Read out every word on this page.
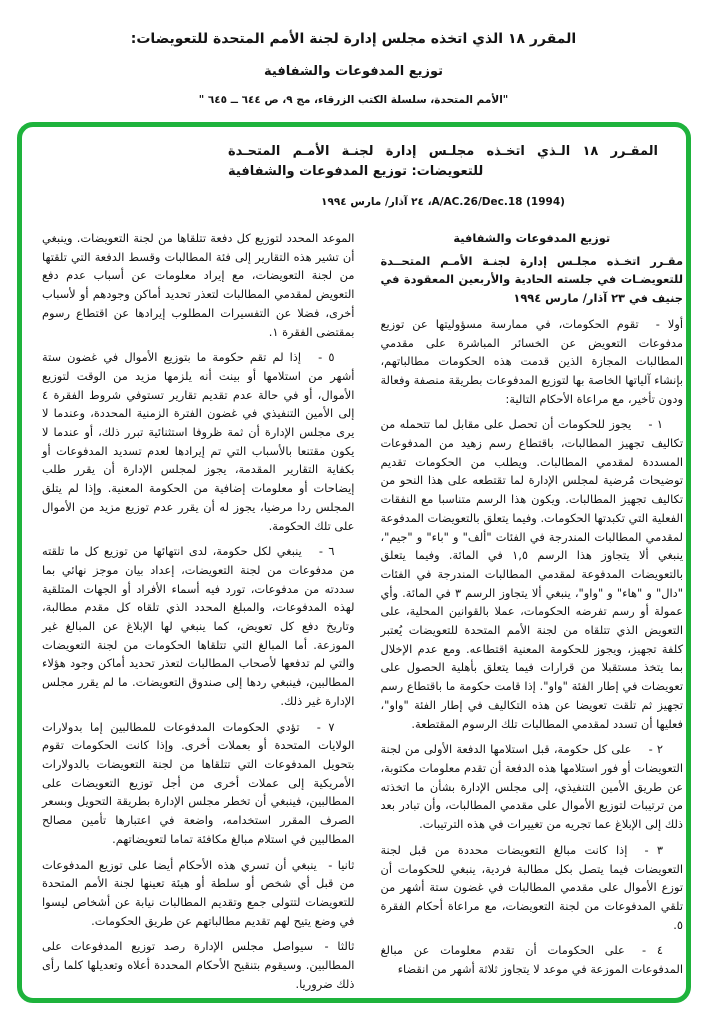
المقرر ١٨ الذي اتخذه مجلس إدارة لجنة الأمم المتحدة للتعويضات:
توزيع المدفوعات والشفافية
"الأمم المتحدة، سلسلة الكتب الزرقاء، مج ٩، ص ٦٤٤ ــ ٦٤٥ "
المقـرر ١٨ الـذي اتخـذه مجلـس إدارة لجنـة الأمـم المتحـدة
للتعويضات: توزيع المدفوعات والشفافية
A/AC.26/Dec.18 (1994)، ٢٤ آذار/ مارس ١٩٩٤

توزيع المدفوعات والشفافية

مقـرر اتخـذه مجلـس إدارة لجنـة الأمـم المتحــدة للتعويضـات في جلسته الحادية والأربعين المعقودة في جنيف في ٢٣ آذار/ مارس ١٩٩٤

أولا -تقوم الحكومات، في ممارسة مسؤوليتها عن توزيع مدفوعات التعويض عن الخسائر المباشرة على مقدمي المطالبات المجازة الذين قدمت هذه الحكومات مطالباتهم، بإنشاء آلياتها الخاصة بها لتوزيع المدفوعات بطريقة منصفة وفعالة ودون تأخير، مع مراعاة الأحكام التالية:

١ -يجوز للحكومات أن تحصل على مقابل لما تتحمله من تكاليف تجهيز المطالبات، باقتطاع رسم زهيد من المدفوعات المسددة لمقدمي المطالبات. ويطلب من الحكومات تقديم توضيحات مُرضية لمجلس الإدارة لما تقتطعه على هذا النحو من تكاليف تجهيز المطالبات. ويكون هذا الرسم متناسبا مع النفقات الفعلية التي تكبدتها الحكومات. وفيما يتعلق بالتعويضات المدفوعة لمقدمي المطالبات المندرجة في الفئات "ألف" و "باء" و "جيم"، ينبغي ألا يتجاوز هذا الرسم ١,٥ في المائة. وفيما يتعلق بالتعويضات المدفوعة لمقدمي المطالبات المندرجة في الفئات "دال" و "هاء" و "واو"، ينبغي ألا يتجاوز الرسم ٣ في المائة. وأي عمولة أو رسم تفرضه الحكومات، عملا بالقوانين المحلية، على التعويض الذي تتلقاه من لجنة الأمم المتحدة للتعويضات يُعتبر كلفة تجهيز، ويجوز للحكومة المعنية اقتطاعه. ومع عدم الإخلال بما يتخذ مستقبلا من قرارات فيما يتعلق بأهلية الحصول على تعويضات في إطار الفئة "واو". إذا قامت حكومة ما باقتطاع رسم تجهيز ثم تلقت تعويضا عن هذه التكاليف في إطار الفئة "واو"، فعليها أن تسدد لمقدمي المطالبات تلك الرسوم المقتطعة.

٢ -على كل حكومة، قبل استلامها الدفعة الأولى من لجنة التعويضات أو فور استلامها هذه الدفعة أن تقدم معلومات مكتوبة، عن طريق الأمين التنفيذي، إلى مجلس الإدارة بشأن ما اتخذته من ترتيبات لتوزيع الأموال على مقدمي المطالبات، وأن تبادر بعد ذلك إلى الإبلاغ عما تجريه من تغييرات في هذه الترتيبات.

٣ -إذا كانت مبالغ التعويضات محددة من قبل لجنة التعويضات فيما يتصل بكل مطالبة فردية، ينبغي للحكومات أن توزع الأموال على مقدمي المطالبات في غضون ستة أشهر من تلقي المدفوعات من لجنة التعويضات، مع مراعاة أحكام الفقرة ٥.

٤ -على الحكومات أن تقدم معلومات عن مبالغ المدفوعات الموزعة في موعد لا يتجاوز ثلاثة أشهر من انقضاء

الموعد المحدد لتوزيع كل دفعة تتلقاها من لجنة التعويضات. وينبغي أن تشير هذه التقارير إلى فئة المطالبات وقسط الدفعة التي تلقتها من لجنة التعويضات، مع إيراد معلومات عن أسباب عدم دفع التعويض لمقدمي المطالبات لتعذر تحديد أماكن وجودهم أو لأسباب أخرى، فضلا عن التفسيرات المطلوب إيرادها عن اقتطاع رسوم بمقتضى الفقرة ١.

٥ -إذا لم تقم حكومة ما بتوزيع الأموال في غضون ستة أشهر من استلامها أو بينت أنه يلزمها مزيد من الوقت لتوزيع الأموال، أو في حالة عدم تقديم تقارير تستوفي شروط الفقرة ٤ إلى الأمين التنفيذي في غضون الفترة الزمنية المحددة، وعندما لا يرى مجلس الإدارة أن ثمة ظروفا استثنائية تبرر ذلك، أو عندما لا يكون مقتنعا بالأسباب التي تم إيرادها لعدم تسديد المدفوعات أو بكفاية التقارير المقدمة، يجوز لمجلس الإدارة أن يقرر طلب إيضاحات أو معلومات إضافية من الحكومة المعنية. وإذا لم يتلق المجلس ردا مرضيا، يجوز له أن يقرر عدم توزيع مزيد من الأموال على تلك الحكومة.

٦ -ينبغي لكل حكومة، لدى انتهائها من توزيع كل ما تلقته من مدفوعات من لجنة التعويضات، إعداد بيان موجز نهائي بما سددته من مدفوعات، تورد فيه أسماء الأفراد أو الجهات المتلقية لهذه المدفوعات، والمبلغ المحدد الذي تلقاه كل مقدم مطالبة، وتاريخ دفع كل تعويض، كما ينبغي لها الإبلاغ عن المبالغ غير الموزعة. أما المبالغ التي تتلقاها الحكومات من لجنة التعويضات والتي لم تدفعها لأصحاب المطالبات لتعذر تحديد أماكن وجود هؤلاء المطالبين، فينبغي ردها إلى صندوق التعويضات. ما لم يقرر مجلس الإدارة غير ذلك.

٧ -تؤدي الحكومات المدفوعات للمطالبين إما بدولارات الولايات المتحدة أو بعملات أخرى. وإذا كانت الحكومات تقوم بتحويل المدفوعات التي تتلقاها من لجنة التعويضات بالدولارات الأمريكية إلى عملات أخرى من أجل توزيع التعويضات على المطالبين، فينبغي أن تخطر مجلس الإدارة بطريقة التحويل وبسعر الصرف المقرر استخدامه، واضعة في اعتبارها تأمين مصالح المطالبين في استلام مبالغ مكافئة تماما لتعويضاتهم.

ثانيا -ينبغي أن تسري هذه الأحكام أيضا على توزيع المدفوعات من قبل أي شخص أو سلطة أو هيئة تعينها لجنة الأمم المتحدة للتعويضات لتتولى جمع وتقديم المطالبات نيابة عن أشخاص ليسوا في وضع يتيح لهم تقديم مطالباتهم عن طريق الحكومات.

ثالثا -سيواصل مجلس الإدارة رصد توزيع المدفوعات على المطالبين. وسيقوم بتنقيح الأحكام المحددة أعلاه وتعديلها كلما رأى ذلك ضروريا.
